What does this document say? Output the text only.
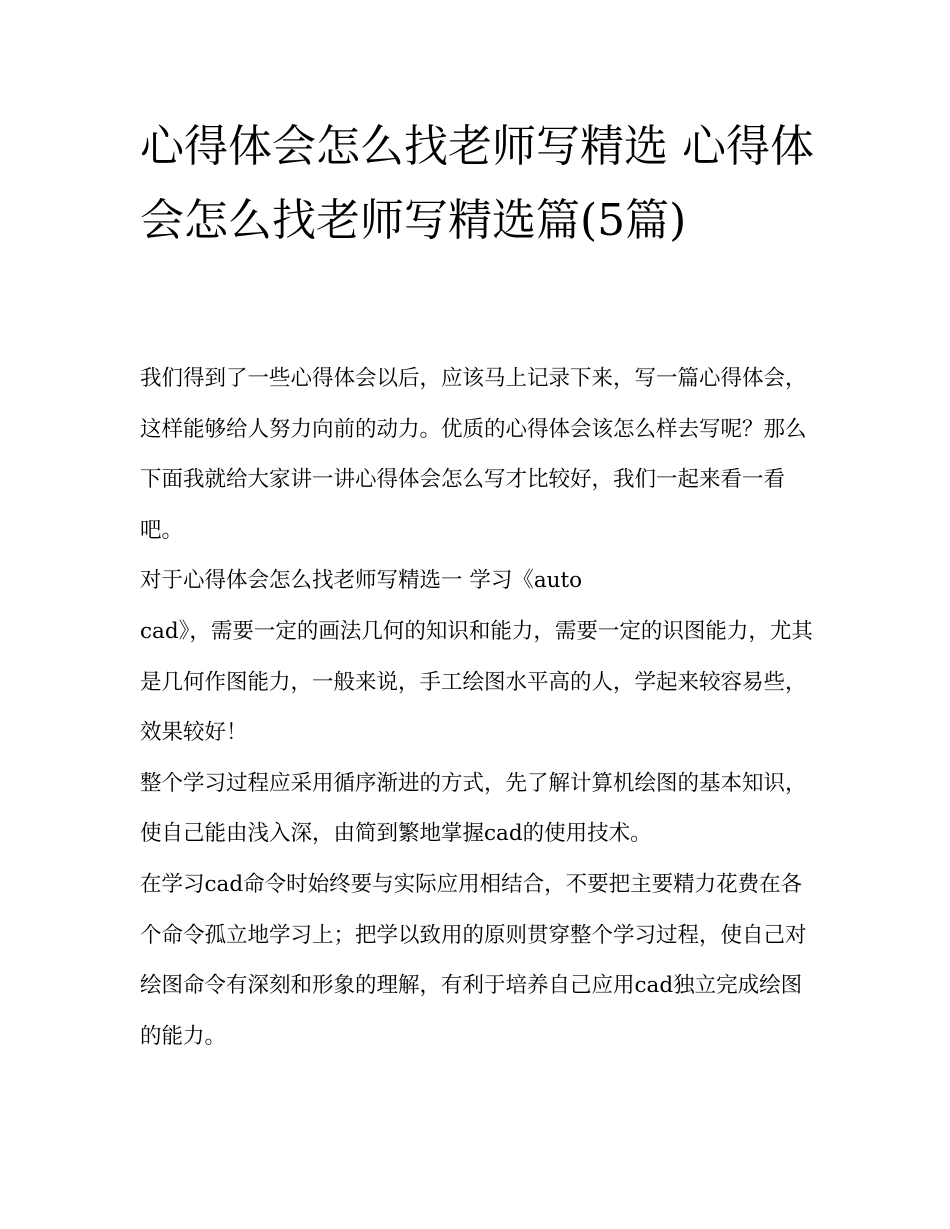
心得体会怎么找老师写精选 心得体会怎么找老师写精选篇(5篇)

我们得到了一些心得体会以后，应该马上记录下来，写一篇心得体会，这样能够给人努力向前的动力。优质的心得体会该怎么样去写呢？那么下面我就给大家讲一讲心得体会怎么写才比较好，我们一起来看一看吧。

对于心得体会怎么找老师写精选一 学习《auto
cad》，需要一定的画法几何的知识和能力，需要一定的识图能力，尤其是几何作图能力，一般来说，手工绘图水平高的人，学起来较容易些，效果较好！

整个学习过程应采用循序渐进的方式，先了解计算机绘图的基本知识，使自己能由浅入深，由简到繁地掌握cad的使用技术。

在学习cad命令时始终要与实际应用相结合，不要把主要精力花费在各个命令孤立地学习上；把学以致用的原则贯穿整个学习过程，使自己对绘图命令有深刻和形象的理解，有利于培养自己应用cad独立完成绘图的能力。
